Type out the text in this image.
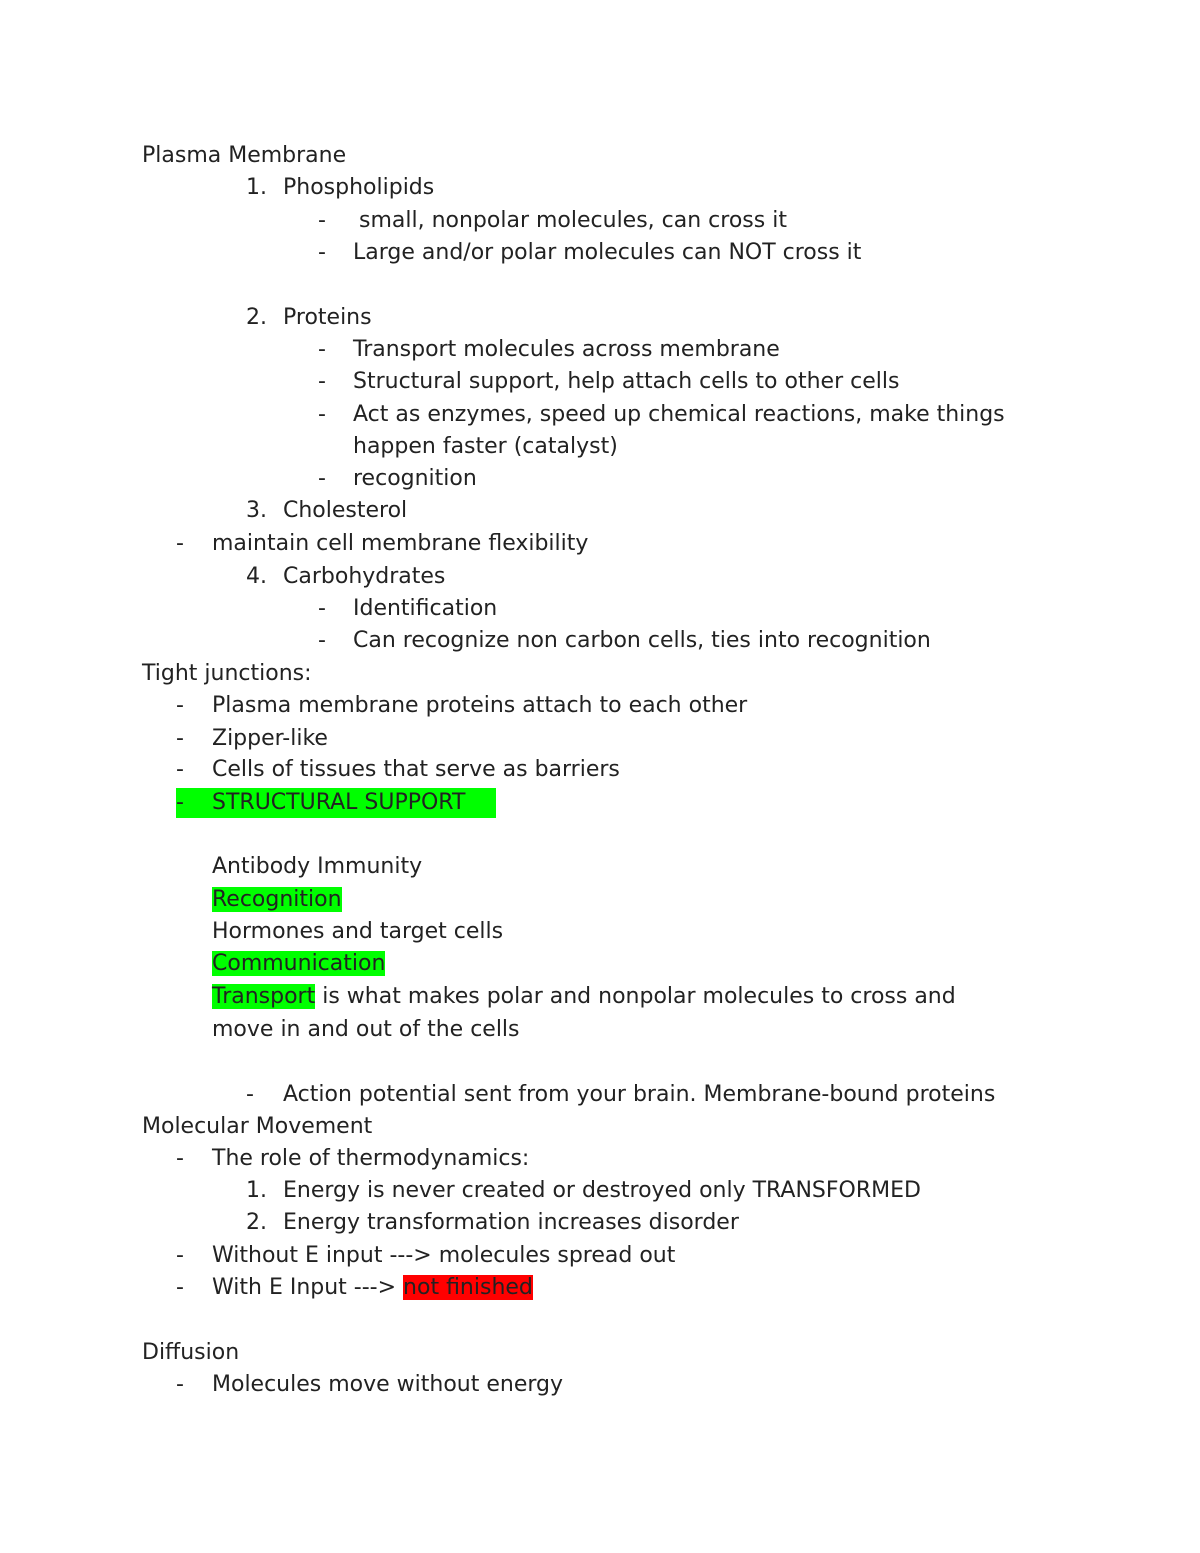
Plasma Membrane
1. Phospholipids
- small, nonpolar molecules, can cross it
- Large and/or polar molecules can NOT cross it
2. Proteins
- Transport molecules across membrane
- Structural support, help attach cells to other cells
- Act as enzymes, speed up chemical reactions, make things
happen faster (catalyst)
- recognition
3. Cholesterol
- maintain cell membrane flexibility
4. Carbohydrates
- Identification
- Can recognize non carbon cells, ties into recognition
Tight junctions:
- Plasma membrane proteins attach to each other
- Zipper-like
- Cells of tissues that serve as barriers
- STRUCTURAL SUPPORT
Antibody Immunity
Recognition
Hormones and target cells
Communication
Transport is what makes polar and nonpolar molecules to cross and
move in and out of the cells
- Action potential sent from your brain. Membrane-bound proteins
Molecular Movement
- The role of thermodynamics:
1. Energy is never created or destroyed only TRANSFORMED
2. Energy transformation increases disorder
- Without E input ---> molecules spread out
- With E Input ---> not finished
Diffusion
- Molecules move without energy
